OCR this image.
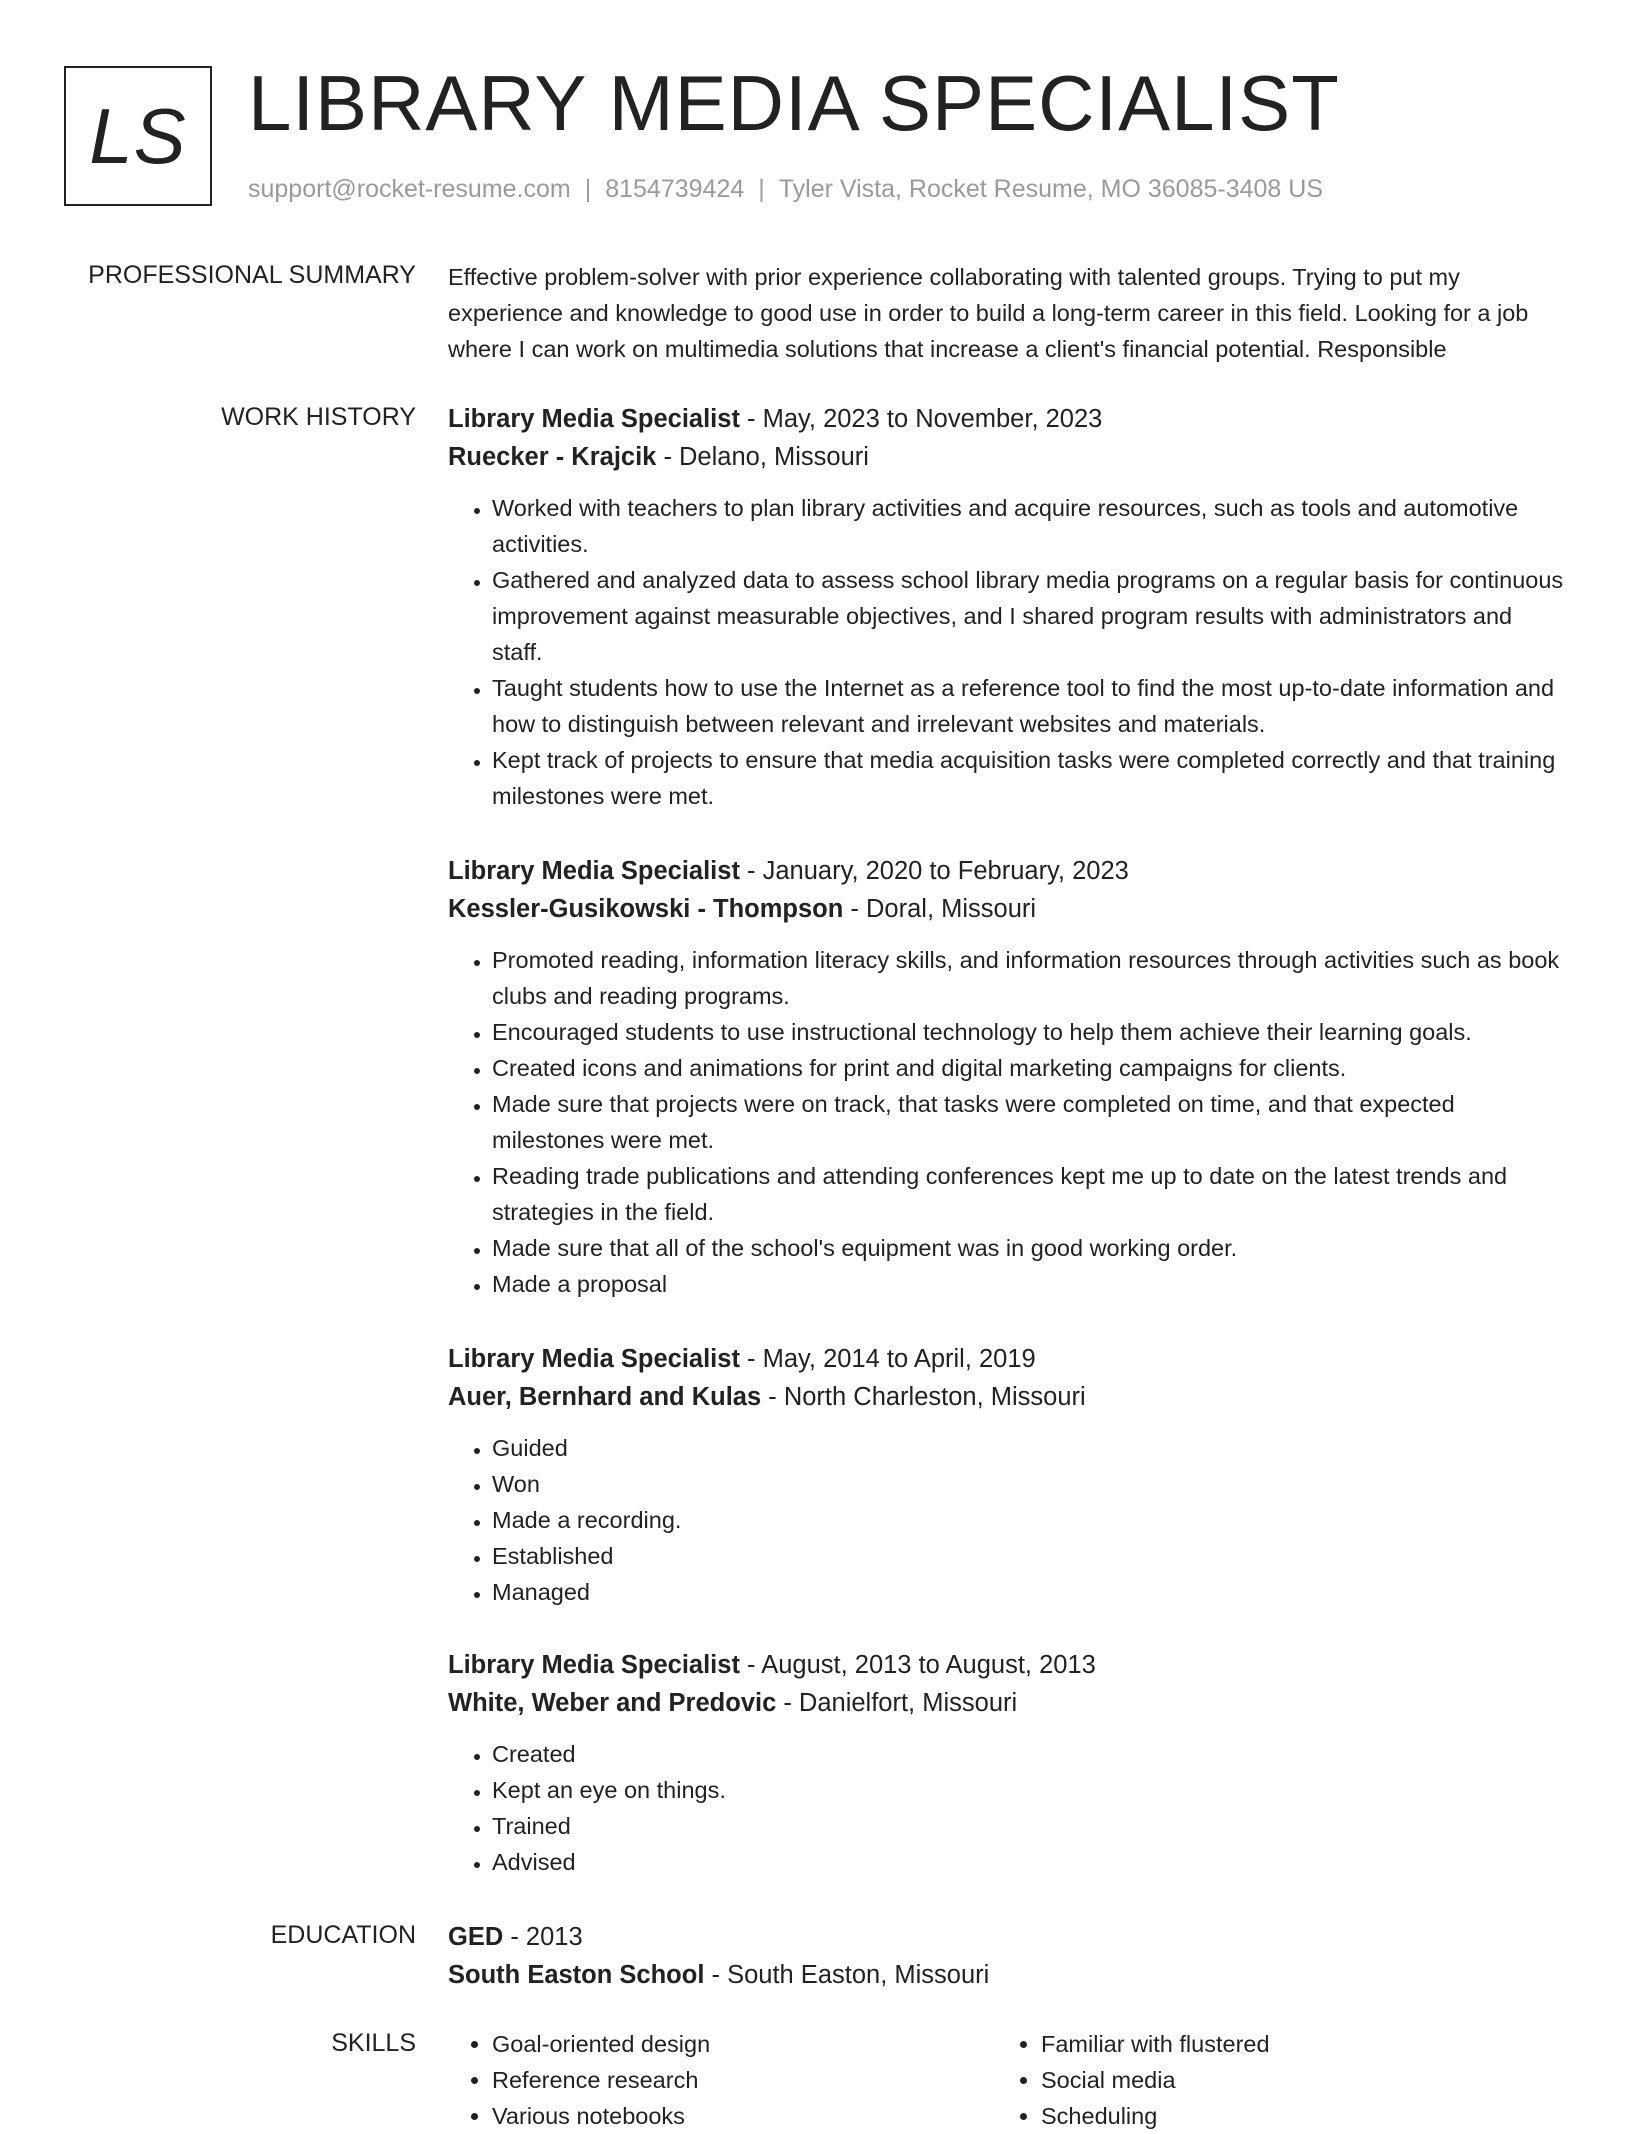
LS LIBRARY MEDIA SPECIALIST
support@rocket-resume.com | 8154739424 | Tyler Vista, Rocket Resume, MO 36085-3408 US
PROFESSIONAL SUMMARY Effective problem-solver with prior experience collaborating with talented groups. Trying to put my experience and knowledge to good use in order to build a long-term career in this field. Looking for a job where I can work on multimedia solutions that increase a client's financial potential. Responsible

WORK HISTORY Library Media Specialist - May, 2023 to November, 2023
Ruecker - Krajcik - Delano, Missouri
• Worked with teachers to plan library activities and acquire resources, such as tools and automotive activities.
• Gathered and analyzed data to assess school library media programs on a regular basis for continuous improvement against measurable objectives, and I shared program results with administrators and staff.
• Taught students how to use the Internet as a reference tool to find the most up-to-date information and how to distinguish between relevant and irrelevant websites and materials.
• Kept track of projects to ensure that media acquisition tasks were completed correctly and that training milestones were met.
Library Media Specialist - January, 2020 to February, 2023
Kessler-Gusikowski - Thompson - Doral, Missouri
• Promoted reading, information literacy skills, and information resources through activities such as book clubs and reading programs.
• Encouraged students to use instructional technology to help them achieve their learning goals.
• Created icons and animations for print and digital marketing campaigns for clients.
• Made sure that projects were on track, that tasks were completed on time, and that expected milestones were met.
• Reading trade publications and attending conferences kept me up to date on the latest trends and strategies in the field.
• Made sure that all of the school's equipment was in good working order.
• Made a proposal
Library Media Specialist - May, 2014 to April, 2019
Auer, Bernhard and Kulas - North Charleston, Missouri
• Guided
• Won
• Made a recording.
• Established
• Managed
Library Media Specialist - August, 2013 to August, 2013
White, Weber and Predovic - Danielfort, Missouri
• Created
• Kept an eye on things.
• Trained
• Advised
EDUCATION GED - 2013
South Easton School - South Easton, Missouri
SKILLS
•	Goal-oriented design
• Reference research
• Various notebooks
• Familiar with flustered
• Social media
• Scheduling
